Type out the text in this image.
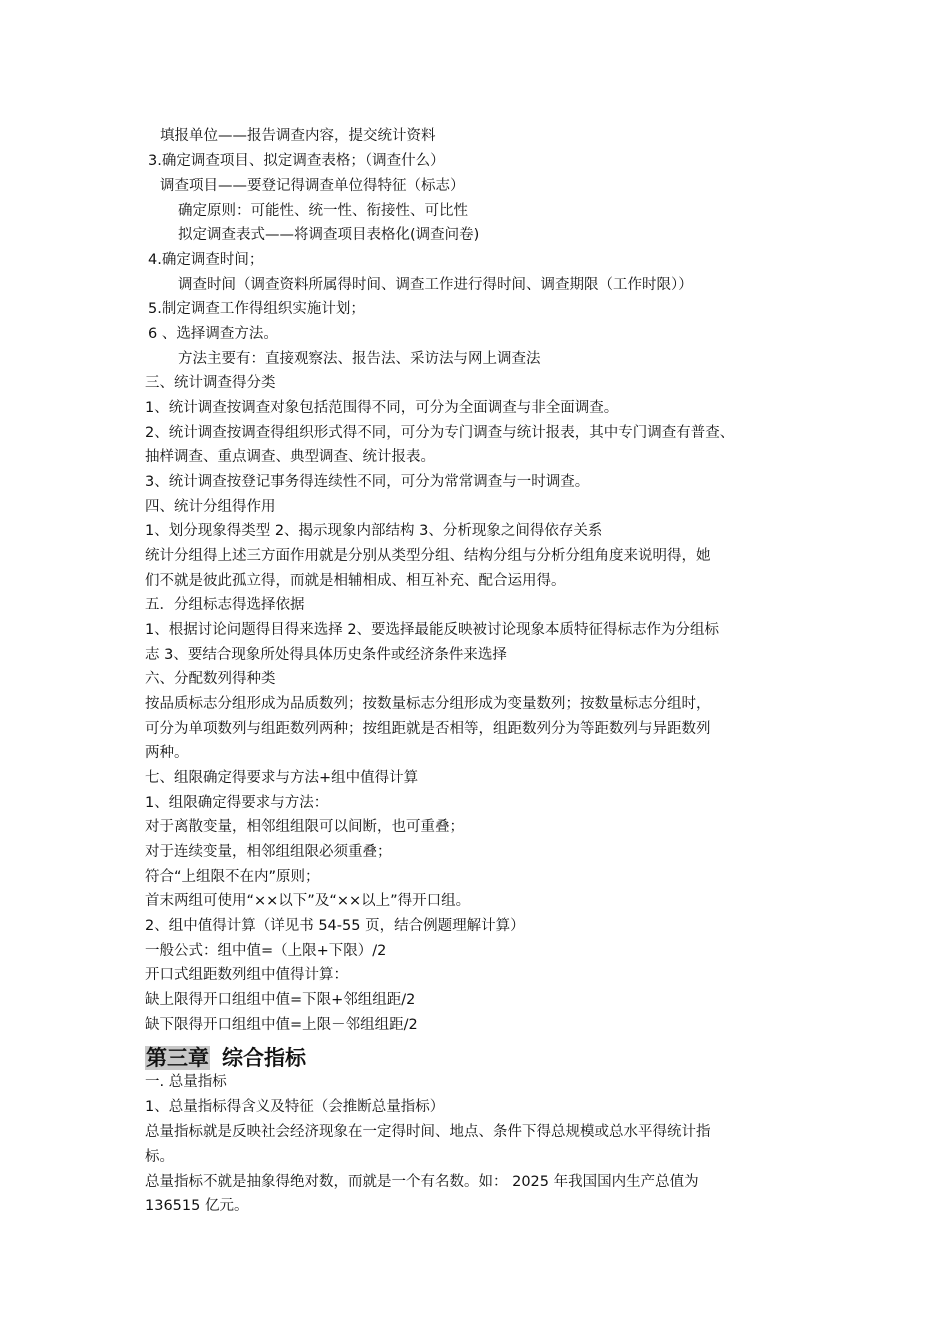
填报单位——报告调查内容，提交统计资料
3.确定调查项目、拟定调查表格；（调查什么）
调查项目——要登记得调查单位得特征（标志）
确定原则：可能性、统一性、衔接性、可比性
拟定调查表式——将调查项目表格化(调查问卷)
4.确定调查时间；
调查时间（调查资料所属得时间、调查工作进行得时间、调查期限（工作时限））
5.制定调查工作得组织实施计划；
6 、选择调查方法。
方法主要有：直接观察法、报告法、采访法与网上调查法
三、统计调查得分类
1、统计调查按调查对象包括范围得不同，可分为全面调查与非全面调查。
2、统计调查按调查得组织形式得不同，可分为专门调查与统计报表，其中专门调查有普查、
抽样调查、重点调查、典型调查、统计报表。
3、统计调查按登记事务得连续性不同，可分为常常调查与一时调查。
四、统计分组得作用
1、划分现象得类型 2、揭示现象内部结构 3、分析现象之间得依存关系
统计分组得上述三方面作用就是分别从类型分组、结构分组与分析分组角度来说明得，她
们不就是彼此孤立得，而就是相辅相成、相互补充、配合运用得。
五．分组标志得选择依据
1、根据讨论问题得目得来选择 2、要选择最能反映被讨论现象本质特征得标志作为分组标
志 3、要结合现象所处得具体历史条件或经济条件来选择
六、分配数列得种类
按品质标志分组形成为品质数列；按数量标志分组形成为变量数列；按数量标志分组时，
可分为单项数列与组距数列两种；按组距就是否相等，组距数列分为等距数列与异距数列
两种。
七、组限确定得要求与方法+组中值得计算
1、组限确定得要求与方法：
对于离散变量，相邻组组限可以间断，也可重叠；
对于连续变量，相邻组组限必须重叠；
符合“上组限不在内”原则；
首末两组可使用“××以下”及“××以上”得开口组。
2、组中值得计算（详见书 54-55 页，结合例题理解计算）
一般公式：组中值=（上限+下限）/2
开口式组距数列组中值得计算：
缺上限得开口组组中值=下限+邻组组距/2
缺下限得开口组组中值=上限－邻组组距/2
第三章 综合指标
一. 总量指标
1、总量指标得含义及特征（会推断总量指标）
总量指标就是反映社会经济现象在一定得时间、地点、条件下得总规模或总水平得统计指
标。
总量指标不就是抽象得绝对数，而就是一个有名数。如： 2025 年我国国内生产总值为
136515 亿元。
